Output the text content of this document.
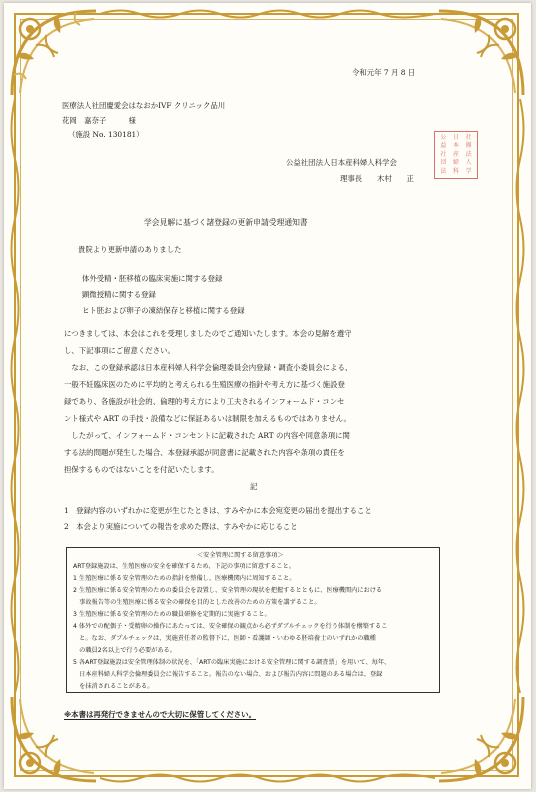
令和元年 7 月 8 日
医療法人社団慶愛会はなおかIVF クリニック品川
花岡　嘉奈子　　　様
（施設 No. 130181）
公益社団法人日本産科婦人科学会
理事長　　木村　　正
公	日	社
益	本	團
社	産	法
団	婦	人
法	科	学
学会見解に基づく諸登録の更新申請受理通知書
貴院より更新申請のありました
体外受精・胚移植の臨床実施に関する登録
顕微授精に関する登録
ヒト胚および卵子の凍結保存と移植に関する登録
につきましては、本会はこれを受理しましたのでご通知いたします。本会の見解を遵守
し、下記事項にご留意ください。
　なお、この登録承認は日本産科婦人科学会倫理委員会内登録・調査小委員会による、
一般不妊臨床医のために平均的と考えられる生殖医療の指針や考え方に基づく施設登
録であり、各施設が社会的、倫理的考え方により工夫されるインフォームド・コンセ
ント様式や ART の手技・設備などに保証あるいは制限を加えるものではありません。
　したがって、インフォームド・コンセントに記載された ART の内容や同意条項に関
する法的問題が発生した場合、本登録承認が同意書に記載された内容や条項の責任を
担保するものではないことを付記いたします。
記
1　登録内容のいずれかに変更が生じたときは、すみやかに本会宛変更の届出を提出すること
2　本会より実施についての報告を求めた際は、すみやかに応じること
＜安全管理に関する留意事項＞
ART登録施設は、生殖医療の安全を確保するため、下記の事項に留意すること。
1 生殖医療に係る安全管理のための指針を整備し、医療機関内に周知すること。
2 生殖医療に係る安全管理のための委員会を設置し、安全管理の現状を把握するとともに、医療機関内における
　事故報告等の生殖医療に係る安全の確保を目的とした改善のための方策を講ずること。
3 生殖医療に係る安全管理のための職員研修を定期的に実施すること。
4 体外での配偶子・受精卵の操作にあたっては、安全確保の観点から必ずダブルチェックを行う体制を構築するこ
　と。なお、ダブルチェックは、実施責任者の監督下に、医師・看護師・いわゆる胚培養士のいずれかの職種
　の職員2名以上で行う必要がある。
5 各ART登録施設は安全管理体制の状況を、「ARTの臨床実施における安全管理に関する調査票」を用いて、毎年、
　日本産科婦人科学会倫理委員会に報告すること。報告のない場合、および報告内容に問題のある場合は、登録
　を抹消されることがある。
※本書は再発行できませんので大切に保管してください。
